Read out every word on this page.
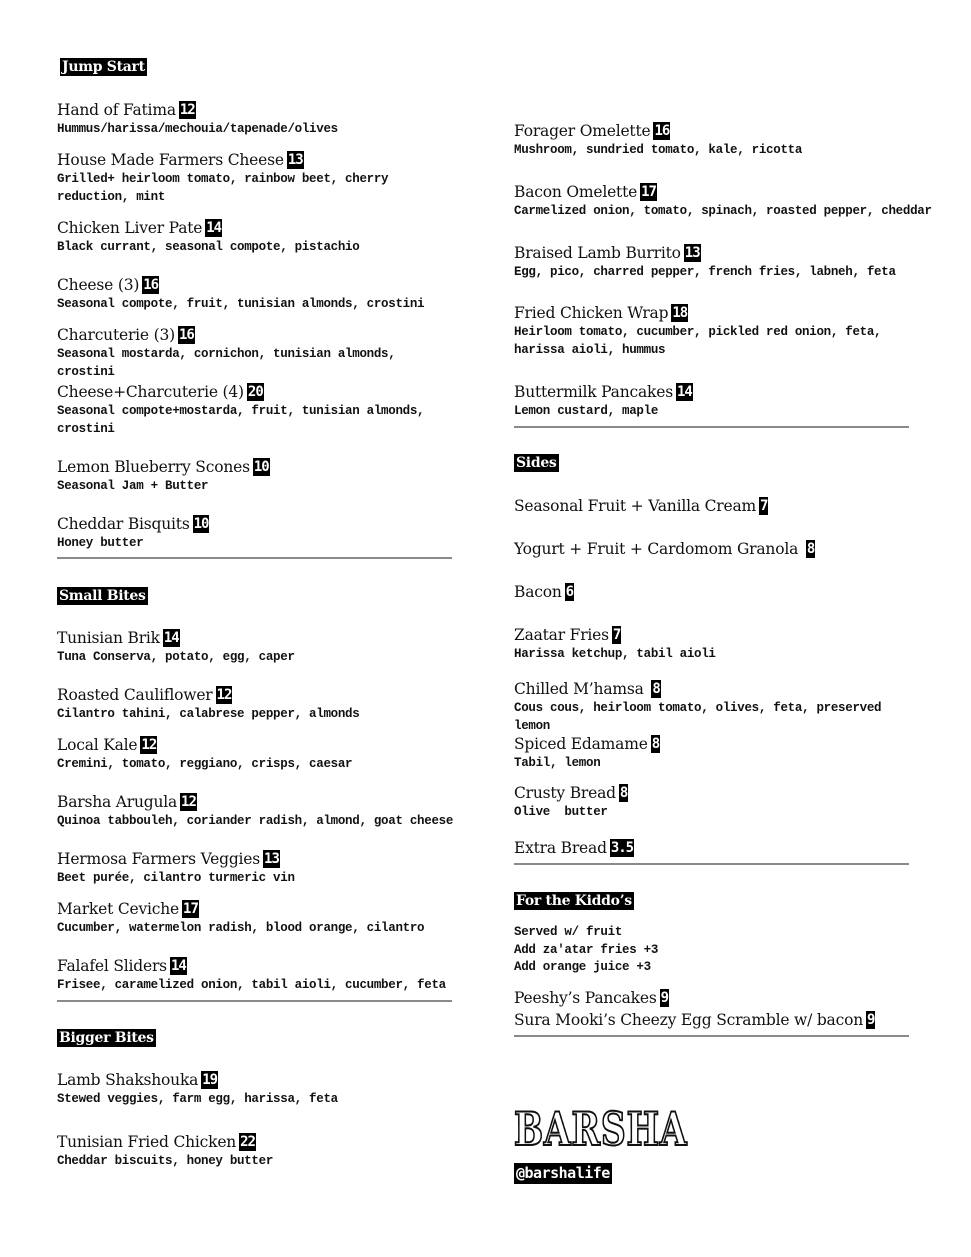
Jump Start
Hand of Fatima 12
Hummus/harissa/mechouia/tapenade/olives
House Made Farmers Cheese 13
Grilled+ heirloom tomato, rainbow beet, cherry reduction, mint
Chicken Liver Pate 14
Black currant, seasonal compote, pistachio
Cheese (3) 16
Seasonal compote, fruit, tunisian almonds, crostini
Charcuterie (3) 16
Seasonal mostarda, cornichon, tunisian almonds, crostini
Cheese+Charcuterie (4) 20
Seasonal compote+mostarda, fruit, tunisian almonds, crostini
Lemon Blueberry Scones 10
Seasonal Jam + Butter
Cheddar Bisquits 10
Honey butter
Small Bites
Tunisian Brik 14
Tuna Conserva, potato, egg, caper
Roasted Cauliflower 12
Cilantro tahini, calabrese pepper, almonds
Local Kale 12
Cremini, tomato, reggiano, crisps, caesar
Barsha Arugula 12
Quinoa tabbouleh, coriander radish, almond, goat cheese
Hermosa Farmers Veggies 13
Beet purée, cilantro turmeric vin
Market Ceviche 17
Cucumber, watermelon radish, blood orange, cilantro
Falafel Sliders 14
Frisee, caramelized onion, tabil aioli, cucumber, feta
Bigger Bites
Lamb Shakshouka 19
Stewed veggies, farm egg, harissa, feta
Tunisian Fried Chicken 22
Cheddar biscuits, honey butter
Forager Omelette 16
Mushroom, sundried tomato, kale, ricotta
Bacon Omelette 17
Carmelized onion, tomato, spinach, roasted pepper, cheddar
Braised Lamb Burrito 13
Egg, pico, charred pepper, french fries, labneh, feta
Fried Chicken Wrap 18
Heirloom tomato, cucumber, pickled red onion, feta, harissa aioli, hummus
Buttermilk Pancakes 14
Lemon custard, maple
Sides
Seasonal Fruit + Vanilla Cream 7
Yogurt + Fruit + Cardomom Granola 8
Bacon 6
Zaatar Fries 7
Harissa ketchup, tabil aioli
Chilled M’hamsa 8
Cous cous, heirloom tomato, olives, feta, preserved lemon
Spiced Edamame 8
Tabil, lemon
Crusty Bread 8
Olive  butter
Extra Bread 3.5
For the Kiddo’s
Served w/ fruit
Add za'atar fries +3
Add orange juice +3
Peeshy’s Pancakes 9
Sura Mooki’s Cheezy Egg Scramble w/ bacon 9
BARSHA
@barshalife
